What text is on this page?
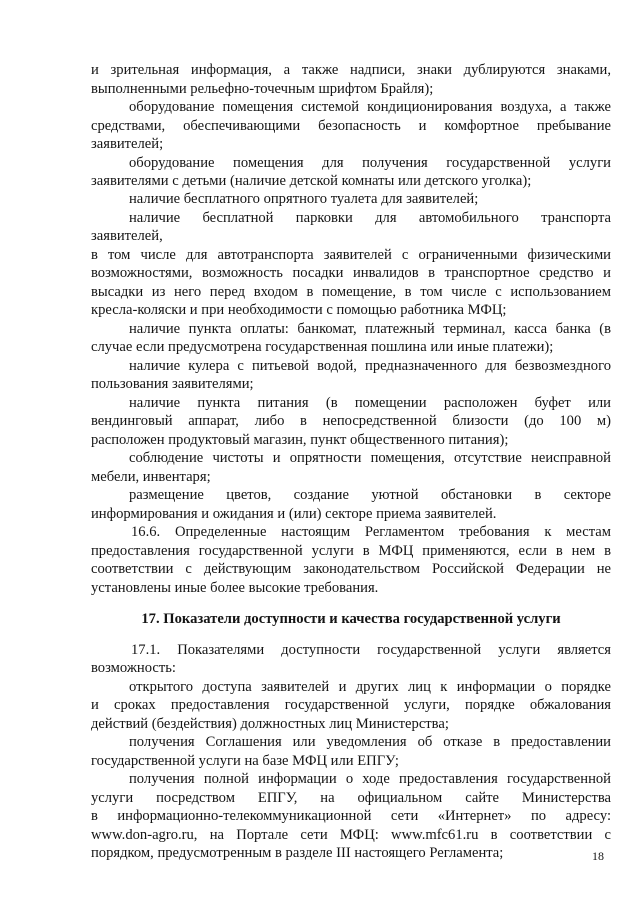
и зрительная информация, а также надписи, знаки дублируются знаками,
выполненными рельефно-точечным шрифтом Брайля);
оборудование помещения системой кондиционирования воздуха, а также
средствами, обеспечивающими безопасность и комфортное пребывание
заявителей;
оборудование помещения для получения государственной услуги
заявителями с детьми (наличие детской комнаты или детского уголка);
наличие бесплатного опрятного туалета для заявителей;
наличие бесплатной парковки для автомобильного транспорта
заявителей,
в том числе для автотранспорта заявителей с ограниченными физическими
возможностями, возможность посадки инвалидов в транспортное средство и
высадки из него перед входом в помещение, в том числе с использованием
кресла-коляски и при необходимости с помощью работника МФЦ;
наличие пункта оплаты: банкомат, платежный терминал, касса банка (в
случае если предусмотрена государственная пошлина или иные платежи);
наличие кулера с питьевой водой, предназначенного для безвозмездного
пользования заявителями;
наличие пункта питания (в помещении расположен буфет или
вендинговый аппарат, либо в непосредственной близости (до 100 м)
расположен продуктовый магазин, пункт общественного питания);
соблюдение чистоты и опрятности помещения, отсутствие неисправной
мебели, инвентаря;
размещение цветов, создание уютной обстановки в секторе
информирования и ожидания и (или) секторе приема заявителей.
16.6. Определенные настоящим Регламентом требования к местам
предоставления государственной услуги в МФЦ применяются, если в нем в
соответствии с действующим законодательством Российской Федерации не
установлены иные более высокие требования.
17. Показатели доступности и качества государственной услуги
17.1. Показателями доступности государственной услуги является
возможность:
открытого доступа заявителей и других лиц к информации о порядке
и сроках предоставления государственной услуги, порядке обжалования
действий (бездействия) должностных лиц Министерства;
получения Соглашения или уведомления об отказе в предоставлении
государственной услуги на базе МФЦ или ЕПГУ;
получения полной информации о ходе предоставления государственной
услуги посредством ЕПГУ, на официальном сайте Министерства
в информационно-телекоммуникационной сети «Интернет» по адресу:
www.don-agro.ru, на Портале сети МФЦ: www.mfc61.ru в соответствии с
порядком, предусмотренным в разделе III настоящего Регламента;	18
